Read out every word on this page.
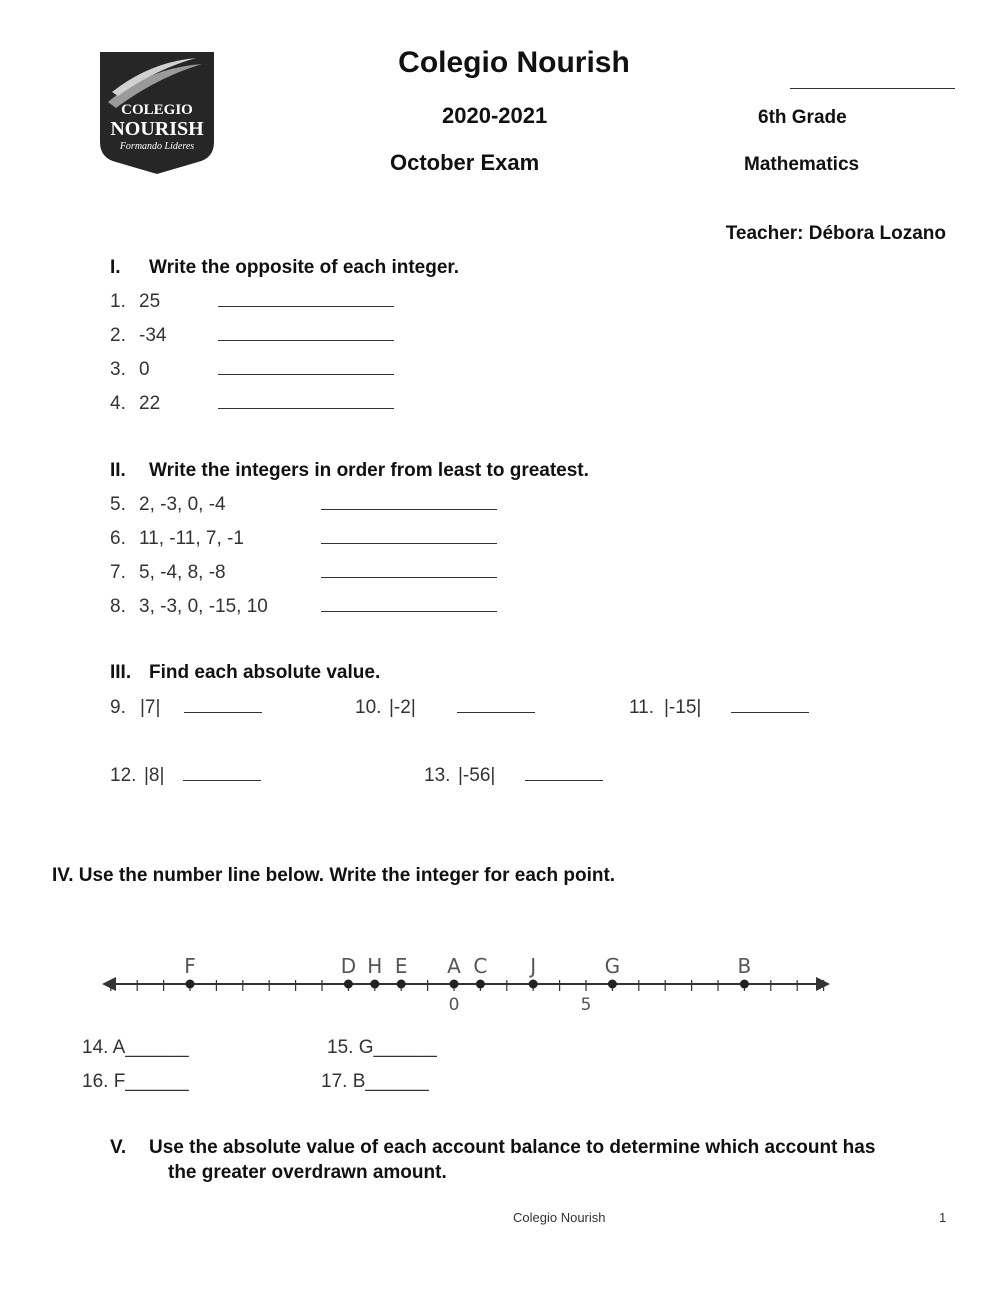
COLEGIO
NOURISH
Formando Líderes
Colegio Nourish
2020-2021	6th Grade
October Exam	Mathematics
Teacher: Débora Lozano
I. Write the opposite of each integer.
1. 25
2. -34
3. 0
4. 22
II. Write the integers in order from least to greatest.
5. 2, -3, 0, -4
6. 11, -11, 7, -1
7. 5, -4, 8, -8
8. 3, -3, 0, -15, 10
III. Find each absolute value.
9. |7|	10. |-2|	11. |-15|
12. |8|	13. |-56|
IV. Use the number line below. Write the integer for each point.
F	D H E A C J	G	B
0	5
14. A______	15. G______
16. F______	17. B______
V. Use the absolute value of each account balance to determine which account has
the greater overdrawn amount.
Colegio Nourish	1
